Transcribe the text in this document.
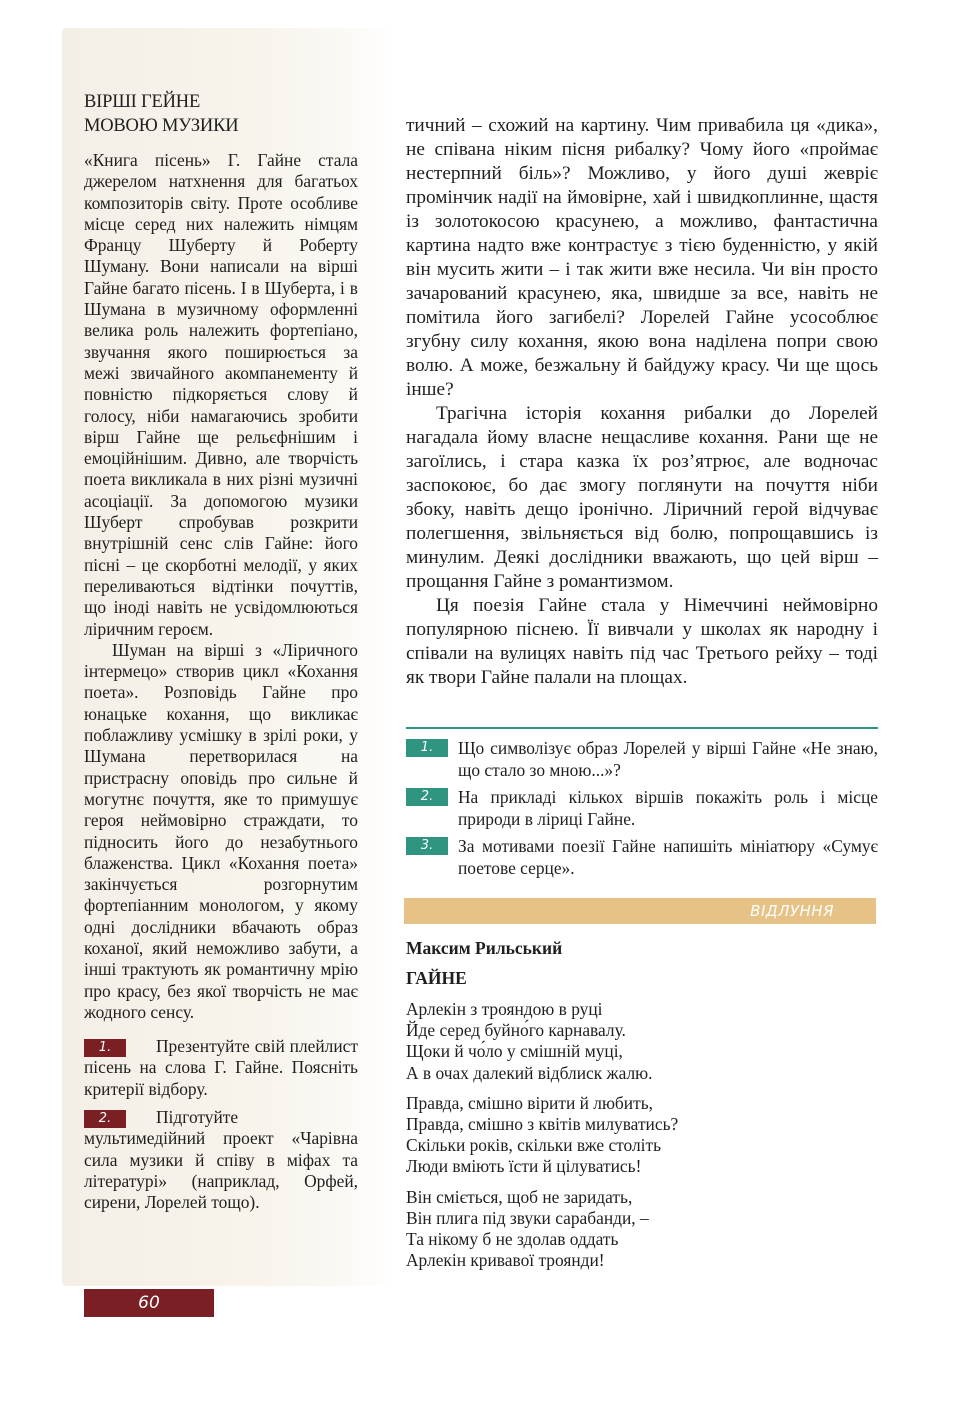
ВІРШІ ГЕЙНЕ
МОВОЮ МУЗИКИ

«Книга пісень» Г. Гайне стала джерелом натхнення для багатьох композиторів світу. Проте особливе місце серед них належить німцям Францу Шуберту й Роберту Шуману. Вони написали на вірші Гайне багато пісень. І в Шуберта, і в Шумана в музичному оформленні велика роль належить фортепіано, звучання якого поширюється за межі звичайного акомпанементу й повністю підкоряється слову й голосу, ніби намагаючись зробити вірш Гайне ще рельєфнішим і емоційнішим. Дивно, але творчість поета викликала в них різні музичні асоціації. За допомогою музики Шуберт спробував розкрити внутрішній сенс слів Гайне: його пісні – це скорботні мелодії, у яких переливаються відтінки почуттів, що іноді навіть не усвідомлюються ліричним героєм.

Шуман на вірші з «Ліричного інтермецо» створив цикл «Кохання поета». Розповідь Гайне про юнацьке кохання, що викликає поблажливу усмішку в зрілі роки, у Шумана перетворилася на пристрасну оповідь про сильне й могутнє почуття, яке то примушує героя неймовірно страждати, то підносить його до незабутнього блаженства. Цикл «Кохання поета» закінчується розгорнутим фортепіанним монологом, у якому одні дослідники вбачають образ коханої, який неможливо забути, а інші трактують як романтичну мрію про красу, без якої творчість не має жодного сенсу.

1.	Презентуйте свій плейлист пісень на слова Г. Гайне. Поясніть критерії відбору.

2.	Підготуйте мультимедійний проект «Чарівна сила музики й співу в міфах та літературі» (наприклад, Орфей, сирени, Лорелей тощо).

60

тичний – схожий на картину. Чим привабила ця «дика», не співана ніким пісня рибалку? Чому його «проймає нестерпний біль»? Можливо, у його душі жевріє промінчик надії на ймовірне, хай і швидкоплинне, щастя із золотокосою красунею, а можливо, фантастична картина надто вже контрастує з тією буденністю, у якій він мусить жити – і так жити вже несила. Чи він просто зачарований красунею, яка, швидше за все, навіть не помітила його загибелі? Лорелей Гайне усособлює згубну силу кохання, якою вона наділена попри свою волю. А може, безжальну й байдужу красу. Чи ще щось інше?

Трагічна історія кохання рибалки до Лорелей нагадала йому власне нещасливе кохання. Рани ще не загоїлись, і стара казка їх роз’ятрює, але водночас заспокоює, бо дає змогу поглянути на почуття ніби збоку, навіть дещо іронічно. Ліричний герой відчуває полегшення, звільняється від болю, попрощавшись із минулим. Деякі дослідники вважають, що цей вірш – прощання Гайне з романтизмом.

Ця поезія Гайне стала у Німеччині неймовірно популярною піснею. Її вивчали у школах як народну і співали на вулицях навіть під час Третього рейху – тоді як твори Гайне палали на площах.

1.	Що символізує образ Лорелей у вірші Гайне «Не знаю, що стало зо мною...»?
2.	На прикладі кількох віршів покажіть роль і місце природи в ліриці Гайне.
3.	За мотивами поезії Гайне напишіть мініатюру «Сумує поетове серце».
ВІДЛУННЯ

Максим Рильський

ГАЙНЕ

Арлекін з трояндою в руці
Йде серед буйно́го карнавалу.
Щоки й чо́ло у смішній муці,
А в очах далекий відблиск жалю.
Правда, смішно вірити й любить,
Правда, смішно з квітів милуватись?
Скільки років, скільки вже століть
Люди вміють їсти й цілуватись!
Він сміється, щоб не заридать,
Він плига під звуки сарабанди, –
Та нікому б не здолав оддать
Арлекін кривавої троянди!
